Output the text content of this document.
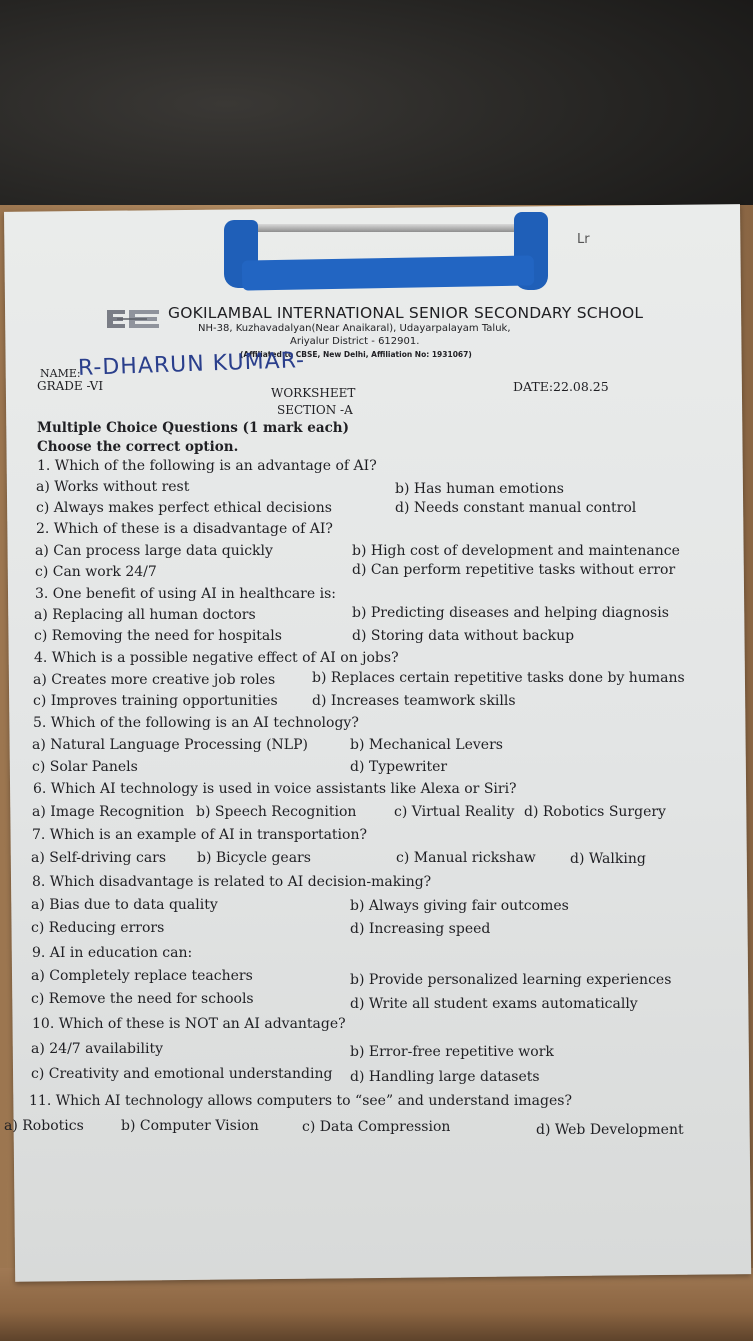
Lr
GOKILAMBAL INTERNATIONAL SENIOR SECONDARY SCHOOL
NH-38, Kuzhavadalyan(Near Anaikaral), Udayarpalayam Taluk,
Ariyalur District - 612901.
(Affiliated to CBSE, New Delhi, Affiliation No: 1931067)
NAME:
R-DHARUN KUMAR-
GRADE -VI	WORKSHEET	DATE:22.08.25
SECTION -A
Multiple Choice Questions (1 mark each)
Choose the correct option.
1. Which of the following is an advantage of AI?
a) Works without rest	b) Has human emotions
c) Always makes perfect ethical decisions	d) Needs constant manual control
2. Which of these is a disadvantage of AI?
a) Can process large data quickly	b) High cost of development and maintenance
c) Can work 24/7	d) Can perform repetitive tasks without error
3. One benefit of using AI in healthcare is:
a) Replacing all human doctors	b) Predicting diseases and helping diagnosis
c) Removing the need for hospitals	d) Storing data without backup
4. Which is a possible negative effect of AI on jobs?
a) Creates more creative job roles	b) Replaces certain repetitive tasks done by humans
c) Improves training opportunities d) Increases teamwork skills
5. Which of the following is an AI technology?
a) Natural Language Processing (NLP)	b) Mechanical Levers
c) Solar Panels	d) Typewriter
6. Which AI technology is used in voice assistants like Alexa or Siri?
a) Image Recognition b) Speech Recognition	c) Virtual Reality d) Robotics Surgery
7. Which is an example of AI in transportation?
a) Self-driving cars b) Bicycle gears	c) Manual rickshaw d) Walking
8. Which disadvantage is related to AI decision-making?
a) Bias due to data quality	b) Always giving fair outcomes
c) Reducing errors	d) Increasing speed
9. AI in education can:
a) Completely replace teachers	b) Provide personalized learning experiences
c) Remove the need for schools	d) Write all student exams automatically
10. Which of these is NOT an AI advantage?
a) 24/7 availability	b) Error-free repetitive work
c) Creativity and emotional understanding d) Handling large datasets
11. Which AI technology allows computers to “see” and understand images?
a) Robotics	b) Computer Vision	c) Data Compression	d) Web Development
